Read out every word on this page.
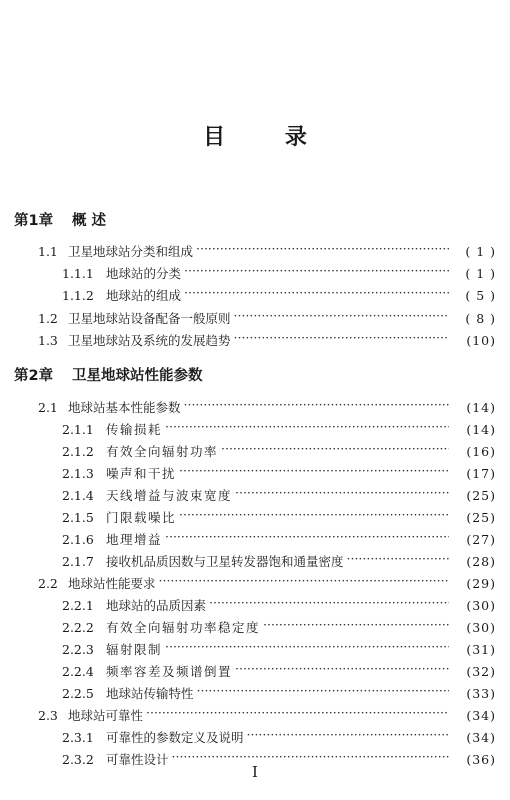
目 录
第1章 概 述
1.1 卫星地球站分类和组成 ·····	( 1 )
1.1.1 地球站的分类 ·····	( 1 )
1.1.2 地球站的组成 ·····	( 5 )
1.2 卫星地球站设备配备一般原则 ·····	( 8 )
1.3 卫星地球站及系统的发展趋势 ·····	(10)
第2章 卫星地球站性能参数
2.1 地球站基本性能参数 ·····	(14)
2.1.1 传输损耗 ·····	(14)
2.1.2 有效全向辐射功率 ·····	(16)
2.1.3 噪声和干扰 ·····	(17)
2.1.4 天线增益与波束宽度 ·····	(25)
2.1.5 门限载噪比 ·····	(25)
2.1.6 地理增益 ·····	(27)
2.1.7 接收机品质因数与卫星转发器饱和通量密度 ·····	(28)
2.2 地球站性能要求 ·····	(29)
2.2.1 地球站的品质因素 ·····	(30)
2.2.2 有效全向辐射功率稳定度 ·····	(30)
2.2.3 辐射限制 ·····	(31)
2.2.4 频率容差及频谱倒置 ·····	(32)
2.2.5 地球站传输特性 ·····	(33)
2.3 地球站可靠性 ·····	(34)
2.3.1 可靠性的参数定义及说明 ·····	(34)
2.3.2 可靠性设计 ·····	(36)
I
